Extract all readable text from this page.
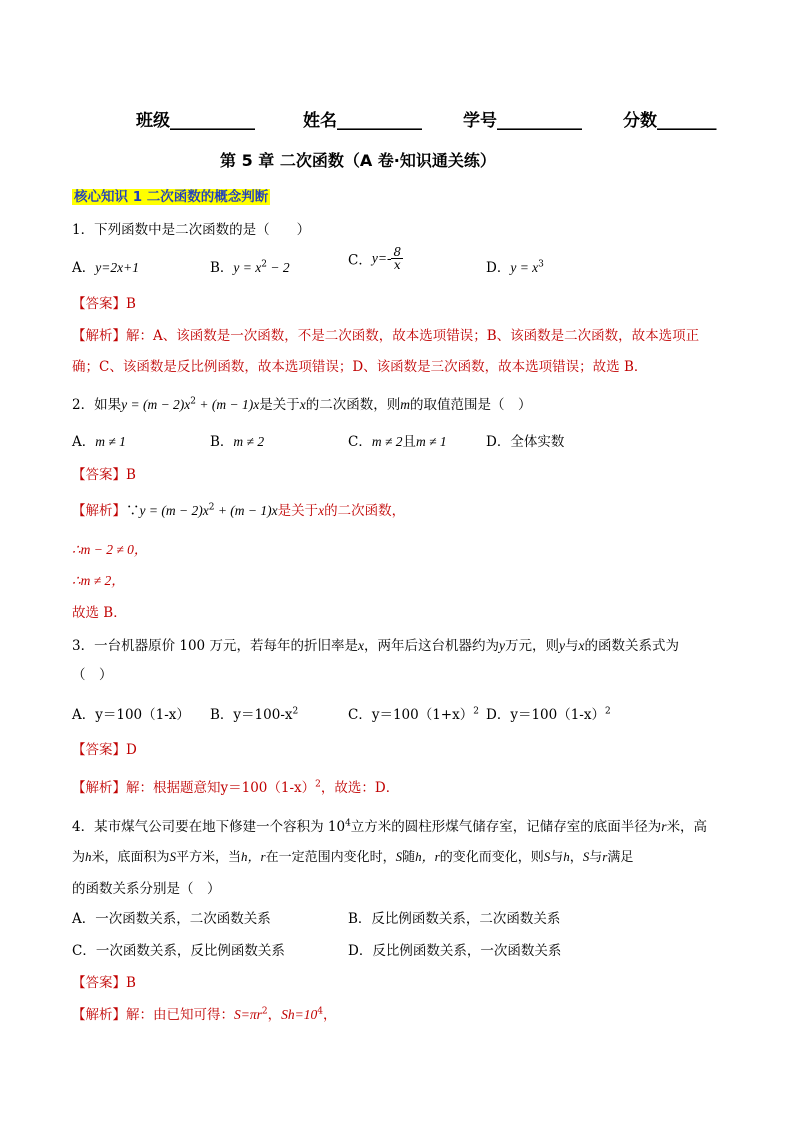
班级__________	姓名__________ 学号__________ 分数_______
第 5 章 二次函数（A 卷·知识通关练）
核心知识 1 二次函数的概念判断
1．下列函数中是二次函数的是（　　）
A．y=2x+1	B．$y = x^2 - 2$	C．$y=- \frac{8}{x}$	D．$y = x^3$
【答案】B
【解析】解：A、该函数是一次函数，不是二次函数，故本选项错误；B、该函数是二次函数，故本选项正
确；C、该函数是反比例函数，故本选项错误；D、该函数是三次函数，故本选项错误；故选 B．
2．如果$y = (m - 2)x^2 + (m - 1)x$是关于x的二次函数，则m的取值范围是（　）
A．m ≠ 1	B．m ≠ 2	C．m ≠ 2且m ≠ 1	D．全体实数
【答案】B
【解析】∵y = $(m - 2)x^2 + (m - 1)x$是关于x的二次函数，
∴m − 2 ≠ 0，
∴m ≠ 2，
故选 B．
3．一台机器原价 100 万元，若每年的折旧率是x，两年后这台机器约为y万元，则y与x的函数关系式为
（　）
A．y＝100（1-x） B．$y=100-x^2$	C．$y=100(1+x)^2$ D．$y=100(1-x)^2$
【答案】D
【解析】解：根据题意知$y=100(1-x)^2$，故选：D．
4．某市煤气公司要在地下修建一个容积为 $10^4$立方米的圆柱形煤气储存室，记储存室的底面半径为r米，高
为h米，底面积为S平方米，当h，r在一定范围内变化时，S随h，r的变化而变化，则S与h，S与r满足
的函数关系分别是（　）
A．一次函数关系，二次函数关系	B．反比例函数关系，二次函数关系
C．一次函数关系，反比例函数关系	D．反比例函数关系，一次函数关系
【答案】B
【解析】解：由已知可得：$S=\pi r^2$，$Sh=10^4$，
